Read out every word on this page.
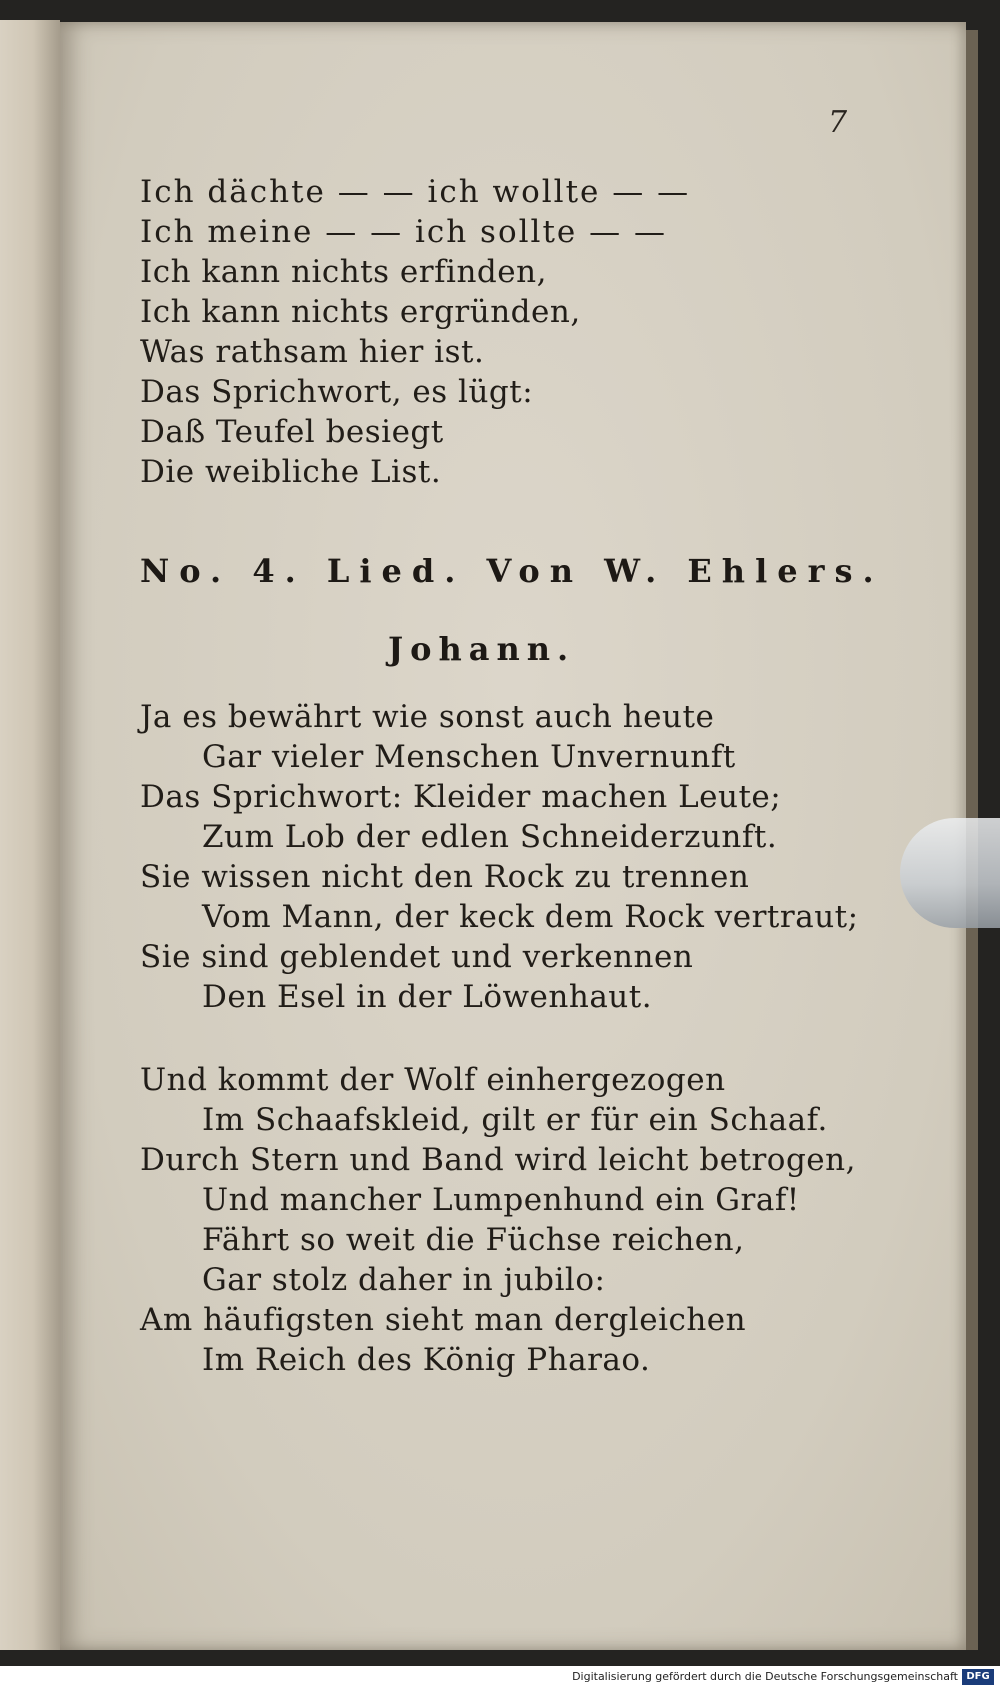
7
Ich dächte — — ich wollte — —
Ich meine — — ich sollte — —
Ich kann nichts erfinden,
Ich kann nichts ergründen,
Was rathsam hier ist.
Das Sprichwort, es lügt:
Daß Teufel besiegt
Die weibliche List.
No. 4. Lied. Von W. Ehlers.
Johann.
Ja es bewährt wie sonst auch heute
Gar vieler Menschen Unvernunft
Das Sprichwort: Kleider machen Leute;
Zum Lob der edlen Schneiderzunft.
Sie wissen nicht den Rock zu trennen
Vom Mann, der keck dem Rock vertraut;
Sie sind geblendet und verkennen
Den Esel in der Löwenhaut.
Und kommt der Wolf einhergezogen
Im Schaafskleid, gilt er für ein Schaaf.
Durch Stern und Band wird leicht betrogen,
Und mancher Lumpenhund ein Graf!
Fährt so weit die Füchse reichen,
Gar stolz daher in jubilo:
Am häufigsten sieht man dergleichen
Im Reich des König Pharao.
Digitalisierung gefördert durch die Deutsche Forschungsgemeinschaft DFG
